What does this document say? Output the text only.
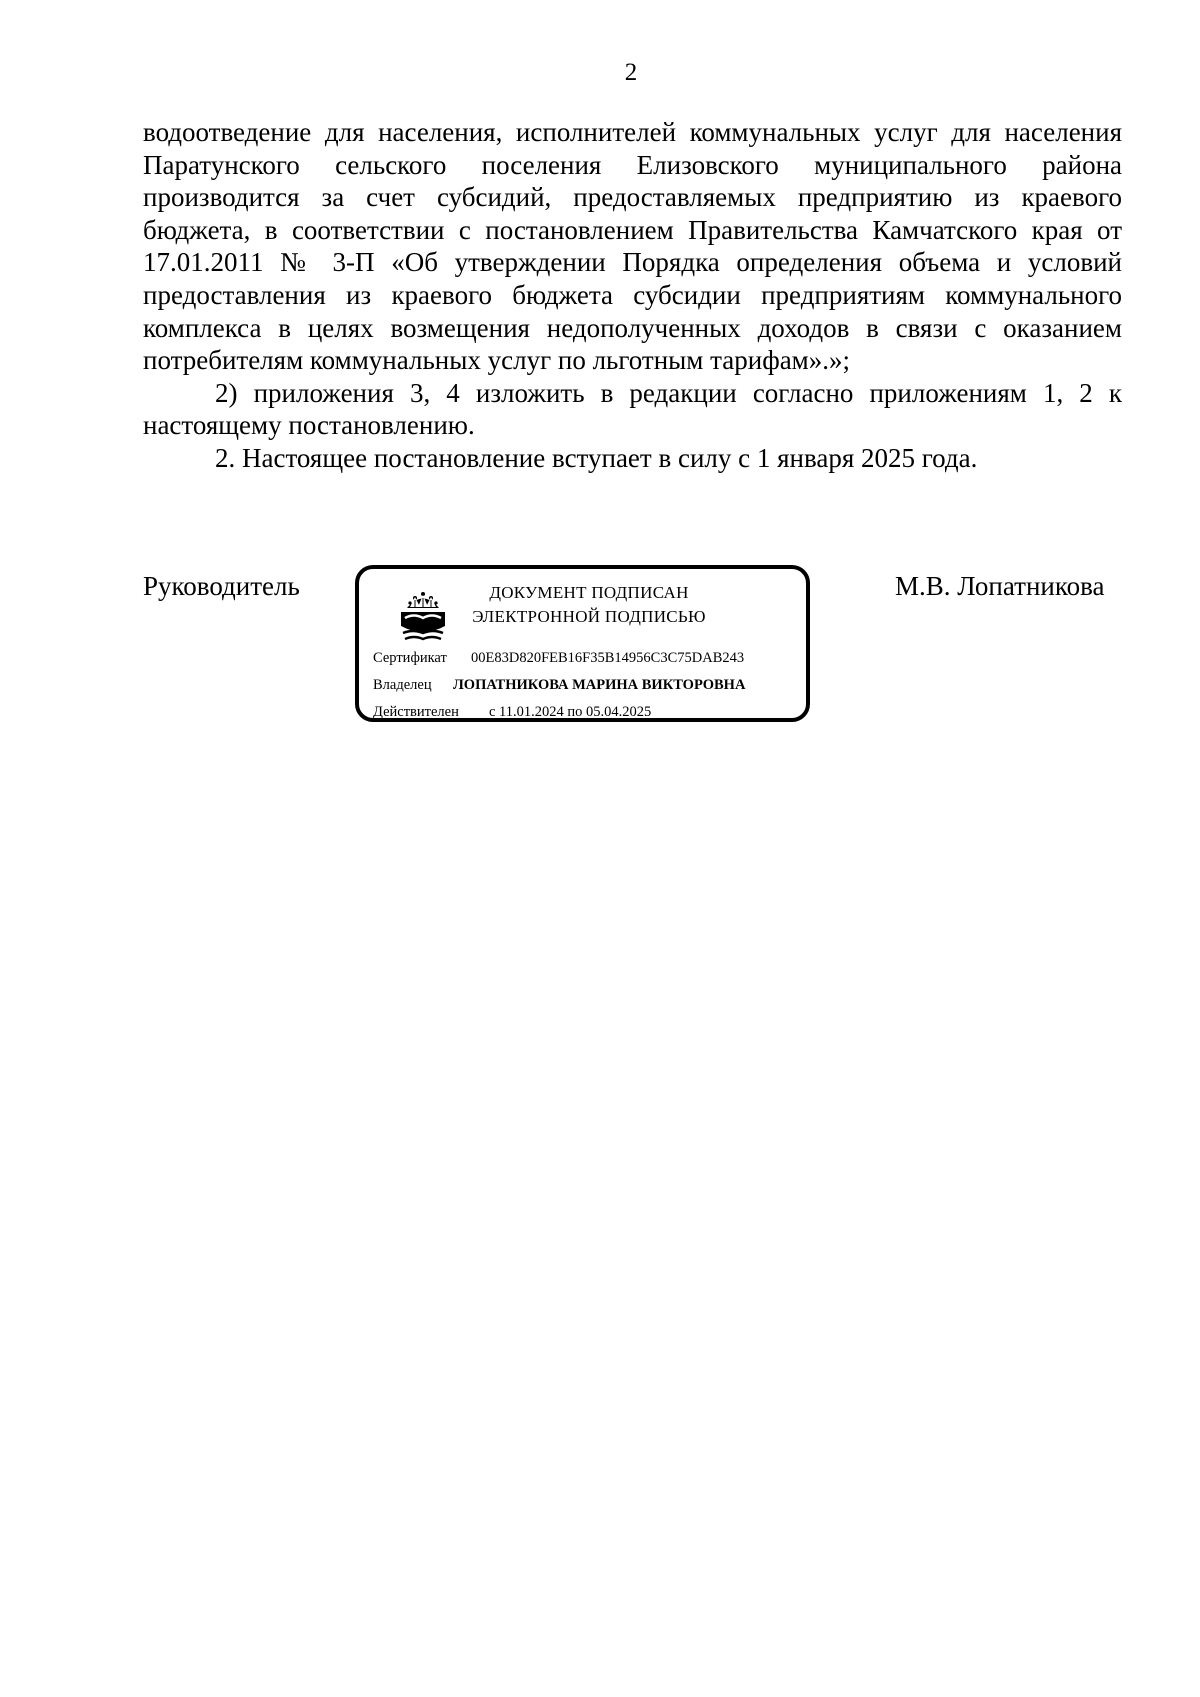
2

водоотведение для населения, исполнителей коммунальных услуг для населения Паратунского сельского поселения Елизовского муниципального района производится за счет субсидий, предоставляемых предприятию из краевого бюджета, в соответствии с постановлением Правительства Камчатского края от 17.01.2011 № 3-П «Об утверждении Порядка определения объема и условий предоставления из краевого бюджета субсидии предприятиям коммунального комплекса в целях возмещения недополученных доходов в связи с оказанием потребителям коммунальных услуг по льготным тарифам».»;

2) приложения 3, 4 изложить в редакции согласно приложениям 1, 2 к настоящему постановлению.

2. Настоящее постановление вступает в силу с 1 января 2025 года.

Руководитель	М.В. Лопатникова
ДОКУМЕНТ ПОДПИСАН
ЭЛЕКТРОННОЙ ПОДПИСЬЮ
Сертификат 00E83D820FEB16F35B14956C3C75DAB243
Владелец ЛОПАТНИКОВА МАРИНА ВИКТОРОВНА
Действителен с 11.01.2024 по 05.04.2025
